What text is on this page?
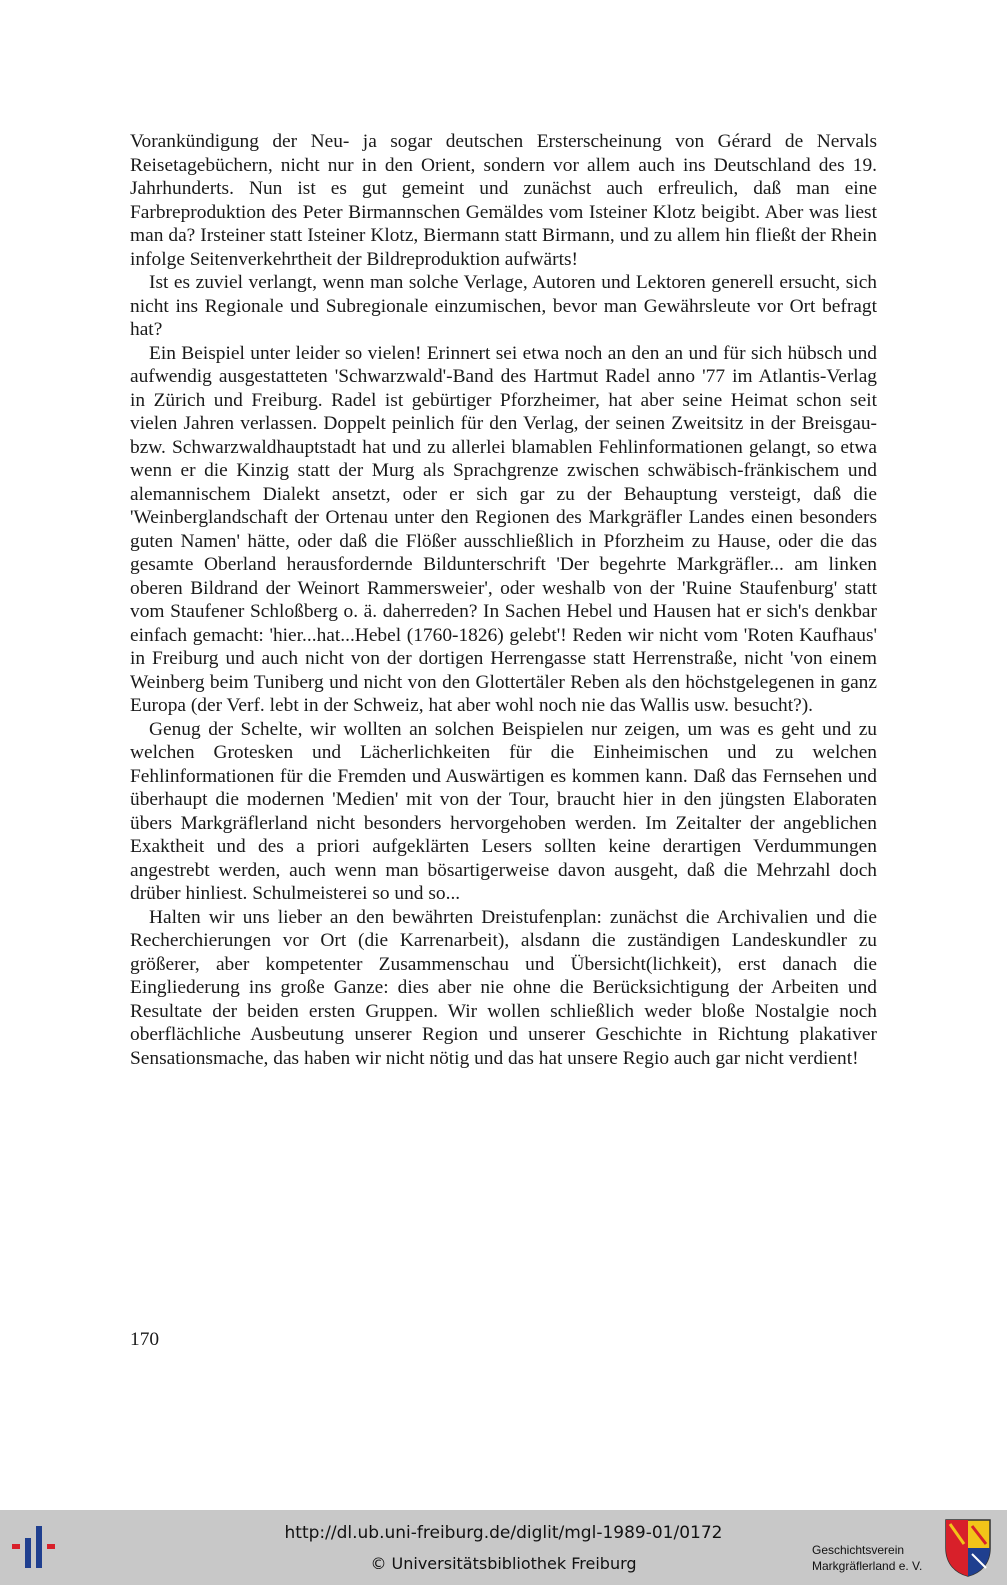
Vorankündigung der Neu- ja sogar deutschen Ersterscheinung von Gérard de Nervals Reisetagebüchern, nicht nur in den Orient, sondern vor allem auch ins Deutschland des 19. Jahrhunderts. Nun ist es gut gemeint und zunächst auch erfreulich, daß man eine Farbreproduktion des Peter Birmannschen Gemäldes vom Isteiner Klotz beigibt. Aber was liest man da? Irsteiner statt Isteiner Klotz, Biermann statt Birmann, und zu allem hin fließt der Rhein infolge Seitenverkehrtheit der Bildreproduktion aufwärts!

Ist es zuviel verlangt, wenn man solche Verlage, Autoren und Lektoren generell ersucht, sich nicht ins Regionale und Subregionale einzumischen, bevor man Gewährsleute vor Ort befragt hat?

Ein Beispiel unter leider so vielen! Erinnert sei etwa noch an den an und für sich hübsch und aufwendig ausgestatteten 'Schwarzwald'-Band des Hartmut Radel anno '77 im Atlantis-Verlag in Zürich und Freiburg. Radel ist gebürtiger Pforzheimer, hat aber seine Heimat schon seit vielen Jahren verlassen. Doppelt peinlich für den Verlag, der seinen Zweitsitz in der Breisgau- bzw. Schwarzwaldhauptstadt hat und zu allerlei blamablen Fehlinformationen gelangt, so etwa wenn er die Kinzig statt der Murg als Sprachgrenze zwischen schwäbisch-fränkischem und alemannischem Dialekt ansetzt, oder er sich gar zu der Behauptung versteigt, daß die 'Weinberglandschaft der Ortenau unter den Regionen des Markgräfler Landes einen besonders guten Namen' hätte, oder daß die Flößer ausschließlich in Pforzheim zu Hause, oder die das gesamte Oberland herausfordernde Bildunterschrift 'Der begehrte Markgräfler... am linken oberen Bildrand der Weinort Rammersweier', oder weshalb von der 'Ruine Staufenburg' statt vom Staufener Schloßberg o. ä. daherreden? In Sachen Hebel und Hausen hat er sich's denkbar einfach gemacht: 'hier...hat...Hebel (1760-1826) gelebt'! Reden wir nicht vom 'Roten Kaufhaus' in Freiburg und auch nicht von der dortigen Herrengasse statt Herrenstraße, nicht 'von einem Weinberg beim Tuniberg und nicht von den Glottertäler Reben als den höchstgelegenen in ganz Europa (der Verf. lebt in der Schweiz, hat aber wohl noch nie das Wallis usw. besucht?).

Genug der Schelte, wir wollten an solchen Beispielen nur zeigen, um was es geht und zu welchen Grotesken und Lächerlichkeiten für die Einheimischen und zu welchen Fehlinformationen für die Fremden und Auswärtigen es kommen kann. Daß das Fernsehen und überhaupt die modernen 'Medien' mit von der Tour, braucht hier in den jüngsten Elaboraten übers Markgräflerland nicht besonders hervorgehoben werden. Im Zeitalter der angeblichen Exaktheit und des a priori aufgeklärten Lesers sollten keine derartigen Verdummungen angestrebt werden, auch wenn man bösartigerweise davon ausgeht, daß die Mehrzahl doch drüber hinliest. Schulmeisterei so und so...

Halten wir uns lieber an den bewährten Dreistufenplan: zunächst die Archivalien und die Recherchierungen vor Ort (die Karrenarbeit), alsdann die zuständigen Landeskundler zu größerer, aber kompetenter Zusammenschau und Übersicht(lichkeit), erst danach die Eingliederung ins große Ganze: dies aber nie ohne die Berücksichtigung der Arbeiten und Resultate der beiden ersten Gruppen. Wir wollen schließlich weder bloße Nostalgie noch oberflächliche Ausbeutung unserer Region und unserer Geschichte in Richtung plakativer Sensationsmache, das haben wir nicht nötig und das hat unsere Regio auch gar nicht verdient!

170
http://dl.ub.uni-freiburg.de/diglit/mgl-1989-01/0172
© Universitätsbibliothek Freiburg
Geschichtsverein
Markgräflerland e. V.
